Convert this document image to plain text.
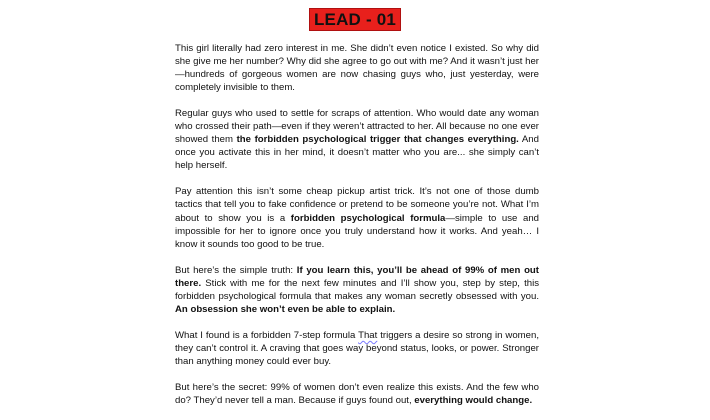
LEAD - 01

This girl literally had zero interest in me. She didn’t even notice I existed. So why did she give me her number? Why did she agree to go out with me? And it wasn’t just her—hundreds of gorgeous women are now chasing guys who, just yesterday, were completely invisible to them.

Regular guys who used to settle for scraps of attention. Who would date any woman who crossed their path—even if they weren’t attracted to her. All because no one ever showed them the forbidden psychological trigger that changes everything. And once you activate this in her mind, it doesn’t matter who you are... she simply can’t help herself.

Pay attention this isn’t some cheap pickup artist trick. It’s not one of those dumb tactics that tell you to fake confidence or pretend to be someone you’re not. What I’m about to show you is a forbidden psychological formula—simple to use and impossible for her to ignore once you truly understand how it works. And yeah… I know it sounds too good to be true.

But here’s the simple truth: If you learn this, you’ll be ahead of 99% of men out there. Stick with me for the next few minutes and I’ll show you, step by step, this forbidden psychological formula that makes any woman secretly obsessed with you. An obsession she won’t even be able to explain.

What I found is a forbidden 7-step formula That triggers a desire so strong in women, they can’t control it. A craving that goes way beyond status, looks, or power. Stronger than anything money could ever buy.

But here’s the secret: 99% of women don’t even realize this exists. And the few who do? They’d never tell a man. Because if guys found out, everything would change.
